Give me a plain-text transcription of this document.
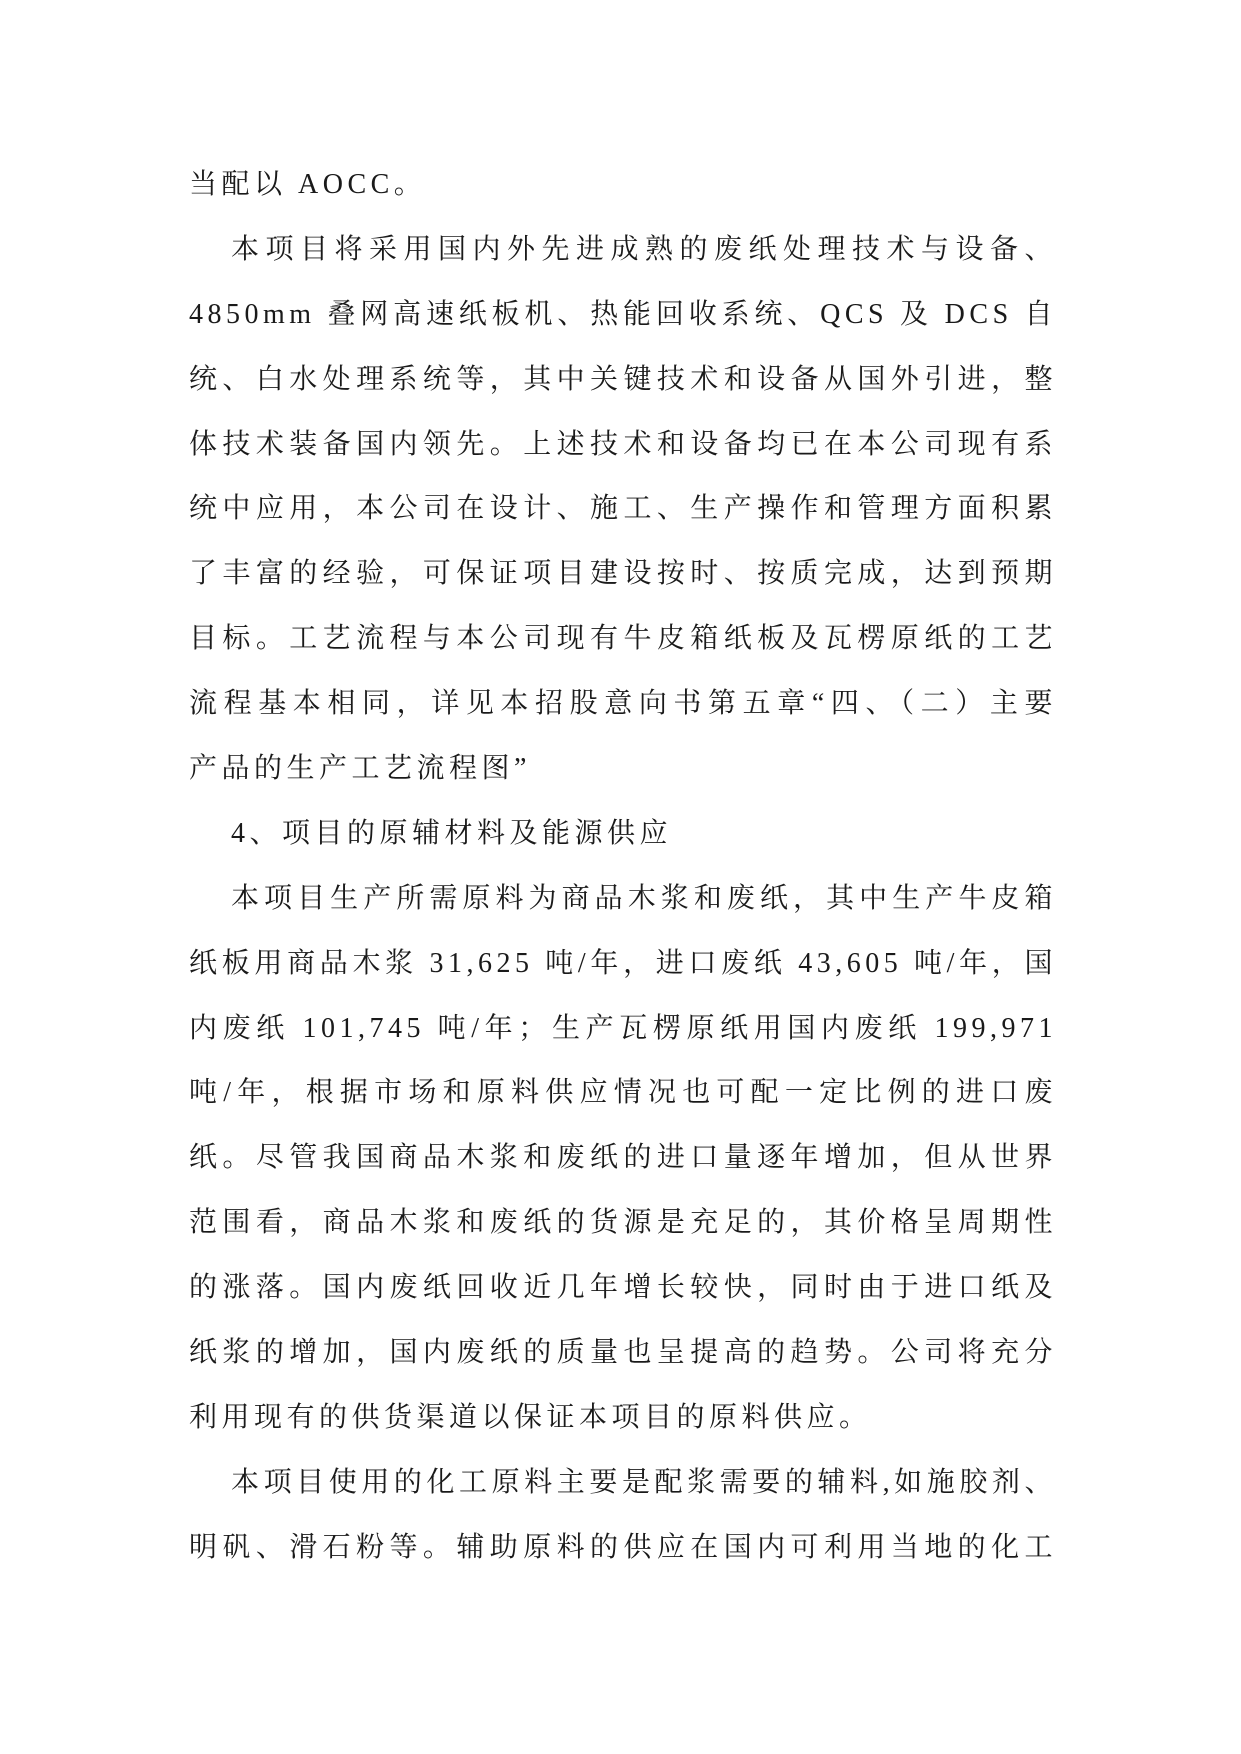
当配以 AOCC。
本项目将采用国内外先进成熟的废纸处理技术与设备、
4850mm 叠网高速纸板机、热能回收系统、QCS 及 DCS 自
统、白水处理系统等，其中关键技术和设备从国外引进，整
体技术装备国内领先。上述技术和设备均已在本公司现有系
统中应用，本公司在设计、施工、生产操作和管理方面积累
了丰富的经验，可保证项目建设按时、按质完成，达到预期
目标。工艺流程与本公司现有牛皮箱纸板及瓦楞原纸的工艺
流程基本相同，详见本招股意向书第五章“四、（二）主要
产品的生产工艺流程图”
4、项目的原辅材料及能源供应
本项目生产所需原料为商品木浆和废纸，其中生产牛皮箱
纸板用商品木浆 31,625 吨/年，进口废纸 43,605 吨/年，国
内废纸 101,745 吨/年；生产瓦楞原纸用国内废纸 199,971
吨/年，根据市场和原料供应情况也可配一定比例的进口废
纸。尽管我国商品木浆和废纸的进口量逐年增加，但从世界
范围看，商品木浆和废纸的货源是充足的，其价格呈周期性
的涨落。国内废纸回收近几年增长较快，同时由于进口纸及
纸浆的增加，国内废纸的质量也呈提高的趋势。公司将充分
利用现有的供货渠道以保证本项目的原料供应。
本项目使用的化工原料主要是配浆需要的辅料,如施胶剂、
明矾、滑石粉等。辅助原料的供应在国内可利用当地的化工
